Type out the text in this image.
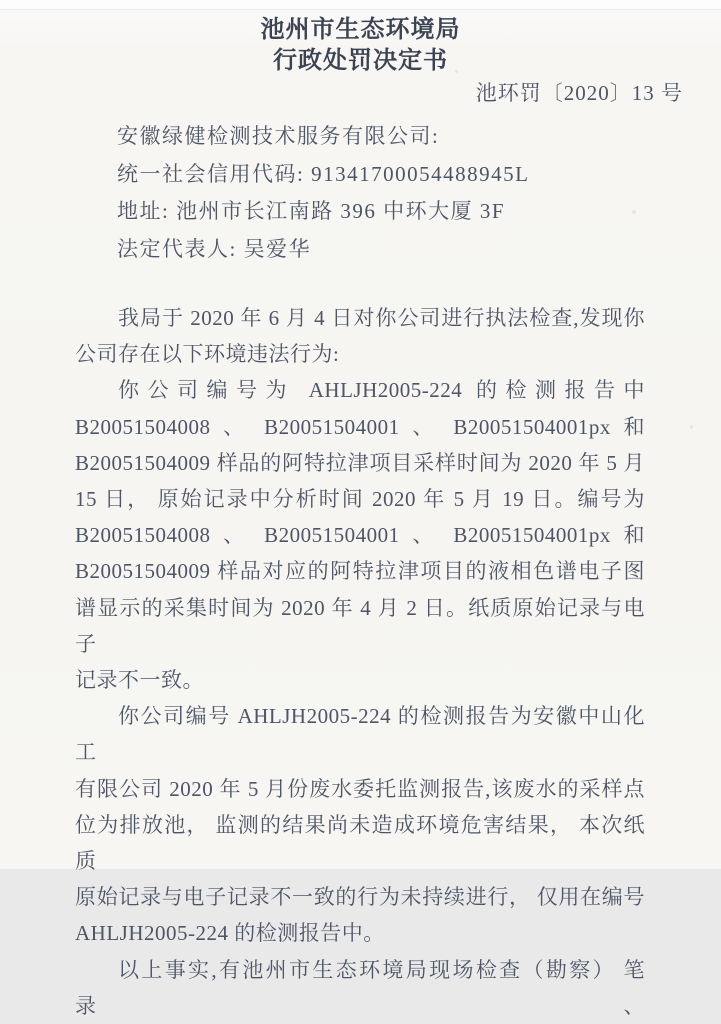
池州市生态环境局
行政处罚决定书
池环罚〔2020〕13 号
安徽绿健检测技术服务有限公司:
统一社会信用代码: 91341700054488945L
地址: 池州市长江南路 396 中环大厦 3F
法定代表人: 吴爱华
我局于 2020 年 6 月 4 日对你公司进行执法检查,发现你
公司存在以下环境违法行为:
你公司编号为 AHLJH2005-224 的检测报告中
B20051504008 、 B20051504001 、 B20051504001px 和
B20051504009 样品的阿特拉津项目采样时间为 2020 年 5 月
15 日， 原始记录中分析时间 2020 年 5 月 19 日。编号为
B20051504008 、 B20051504001 、 B20051504001px 和
B20051504009 样品对应的阿特拉津项目的液相色谱电子图
谱显示的采集时间为 2020 年 4 月 2 日。纸质原始记录与电子
记录不一致。
你公司编号 AHLJH2005-224 的检测报告为安徽中山化工
有限公司 2020 年 5 月份废水委托监测报告,该废水的采样点
位为排放池， 监测的结果尚未造成环境危害结果， 本次纸质
原始记录与电子记录不一致的行为未持续进行， 仅用在编号
AHLJH2005-224 的检测报告中。
以上事实,有池州市生态环境局现场检查（勘察） 笔录、
